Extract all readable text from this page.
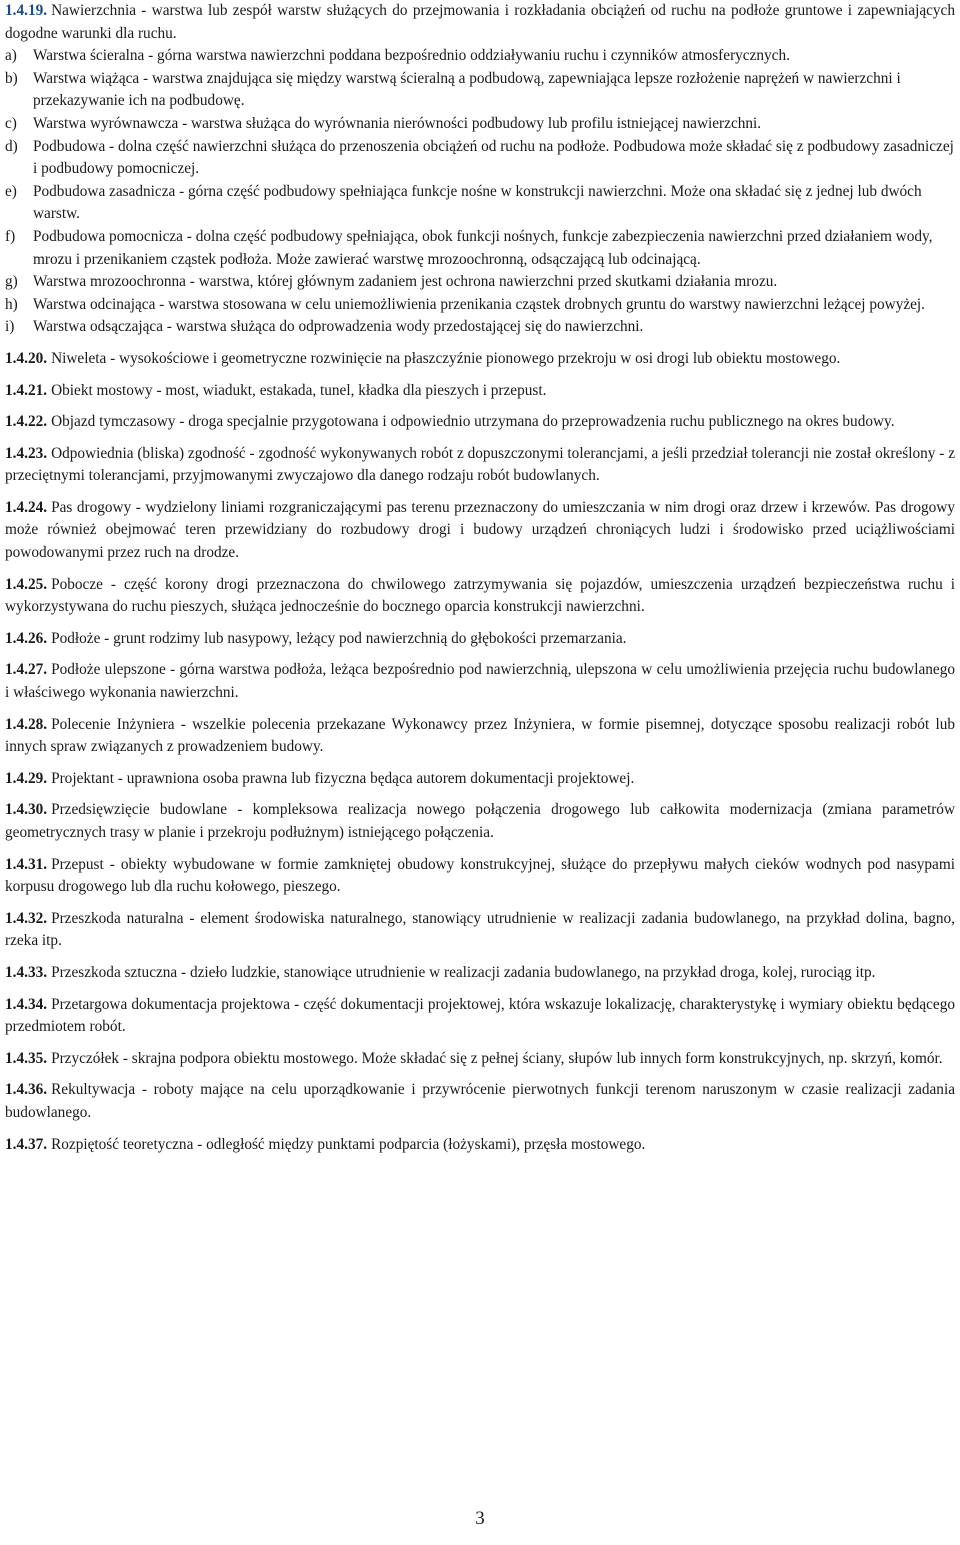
1.4.19. Nawierzchnia - warstwa lub zespół warstw służących do przejmowania i rozkładania obciążeń od ruchu na podłoże gruntowe i zapewniających dogodne warunki dla ruchu.

a)	Warstwa ścieralna - górna warstwa nawierzchni poddana bezpośrednio oddziaływaniu ruchu i czynników atmosferycznych.
b) Warstwa wiążąca - warstwa znajdująca się między warstwą ścieralną a podbudową, zapewniająca lepsze rozłożenie naprężeń w nawierzchni i przekazywanie ich na podbudowę.
c)	Warstwa wyrównawcza - warstwa służąca do wyrównania nierówności podbudowy lub profilu istniejącej nawierzchni.
d) Podbudowa - dolna część nawierzchni służąca do przenoszenia obciążeń od ruchu na podłoże. Podbudowa może składać się z podbudowy zasadniczej i podbudowy pomocniczej.
e)	Podbudowa zasadnicza - górna część podbudowy spełniająca funkcje nośne w konstrukcji nawierzchni. Może ona składać się z jednej lub dwóch warstw.
f)	Podbudowa pomocnicza - dolna część podbudowy spełniająca, obok funkcji nośnych, funkcje zabezpieczenia nawierzchni przed działaniem wody, mrozu i przenikaniem cząstek podłoża. Może zawierać warstwę mrozoochronną, odsączającą lub odcinającą.
g) Warstwa mrozoochronna - warstwa, której głównym zadaniem jest ochrona nawierzchni przed skutkami działania mrozu.
h) Warstwa odcinająca - warstwa stosowana w celu uniemożliwienia przenikania cząstek drobnych gruntu do warstwy nawierzchni leżącej powyżej.
i)	Warstwa odsączająca - warstwa służąca do odprowadzenia wody przedostającej się do nawierzchni.

1.4.20. Niweleta - wysokościowe i geometryczne rozwinięcie na płaszczyźnie pionowego przekroju w osi drogi lub obiektu mostowego.

1.4.21. Obiekt mostowy - most, wiadukt, estakada, tunel, kładka dla pieszych i przepust.

1.4.22. Objazd tymczasowy - droga specjalnie przygotowana i odpowiednio utrzymana do przeprowadzenia ruchu publicznego na okres budowy.

1.4.23. Odpowiednia (bliska) zgodność - zgodność wykonywanych robót z dopuszczonymi tolerancjami, a jeśli przedział tolerancji nie został określony - z przeciętnymi tolerancjami, przyjmowanymi zwyczajowo dla danego rodzaju robót budowlanych.

1.4.24. Pas drogowy - wydzielony liniami rozgraniczającymi pas terenu przeznaczony do umieszczania w nim drogi oraz drzew i krzewów. Pas drogowy może również obejmować teren przewidziany do rozbudowy drogi i budowy urządzeń chroniących ludzi i środowisko przed uciążliwościami powodowanymi przez ruch na drodze.

1.4.25. Pobocze - część korony drogi przeznaczona do chwilowego zatrzymywania się pojazdów, umieszczenia urządzeń bezpieczeństwa ruchu i wykorzystywana do ruchu pieszych, służąca jednocześnie do bocznego oparcia konstrukcji nawierzchni.

1.4.26. Podłoże - grunt rodzimy lub nasypowy, leżący pod nawierzchnią do głębokości przemarzania.

1.4.27. Podłoże ulepszone - górna warstwa podłoża, leżąca bezpośrednio pod nawierzchnią, ulepszona w celu umożliwienia przejęcia ruchu budowlanego i właściwego wykonania nawierzchni.

1.4.28. Polecenie Inżyniera - wszelkie polecenia przekazane Wykonawcy przez Inżyniera, w formie pisemnej, dotyczące sposobu realizacji robót lub innych spraw związanych z prowadzeniem budowy.

1.4.29. Projektant - uprawniona osoba prawna lub fizyczna będąca autorem dokumentacji projektowej.

1.4.30. Przedsięwzięcie budowlane - kompleksowa realizacja nowego połączenia drogowego lub całkowita modernizacja (zmiana parametrów geometrycznych trasy w planie i przekroju podłużnym) istniejącego połączenia.

1.4.31. Przepust - obiekty wybudowane w formie zamkniętej obudowy konstrukcyjnej, służące do przepływu małych cieków wodnych pod nasypami korpusu drogowego lub dla ruchu kołowego, pieszego.

1.4.32. Przeszkoda naturalna - element środowiska naturalnego, stanowiący utrudnienie w realizacji zadania budowlanego, na przykład dolina, bagno, rzeka itp.

1.4.33. Przeszkoda sztuczna - dzieło ludzkie, stanowiące utrudnienie w realizacji zadania budowlanego, na przykład droga, kolej, rurociąg itp.

1.4.34. Przetargowa dokumentacja projektowa - część dokumentacji projektowej, która wskazuje lokalizację, charakterystykę i wymiary obiektu będącego przedmiotem robót.

1.4.35. Przyczółek - skrajna podpora obiektu mostowego. Może składać się z pełnej ściany, słupów lub innych form konstrukcyjnych, np. skrzyń, komór.

1.4.36. Rekultywacja - roboty mające na celu uporządkowanie i przywrócenie pierwotnych funkcji terenom naruszonym w czasie realizacji zadania budowlanego.

1.4.37. Rozpiętość teoretyczna - odległość między punktami podparcia (łożyskami), przęsła mostowego.

3
